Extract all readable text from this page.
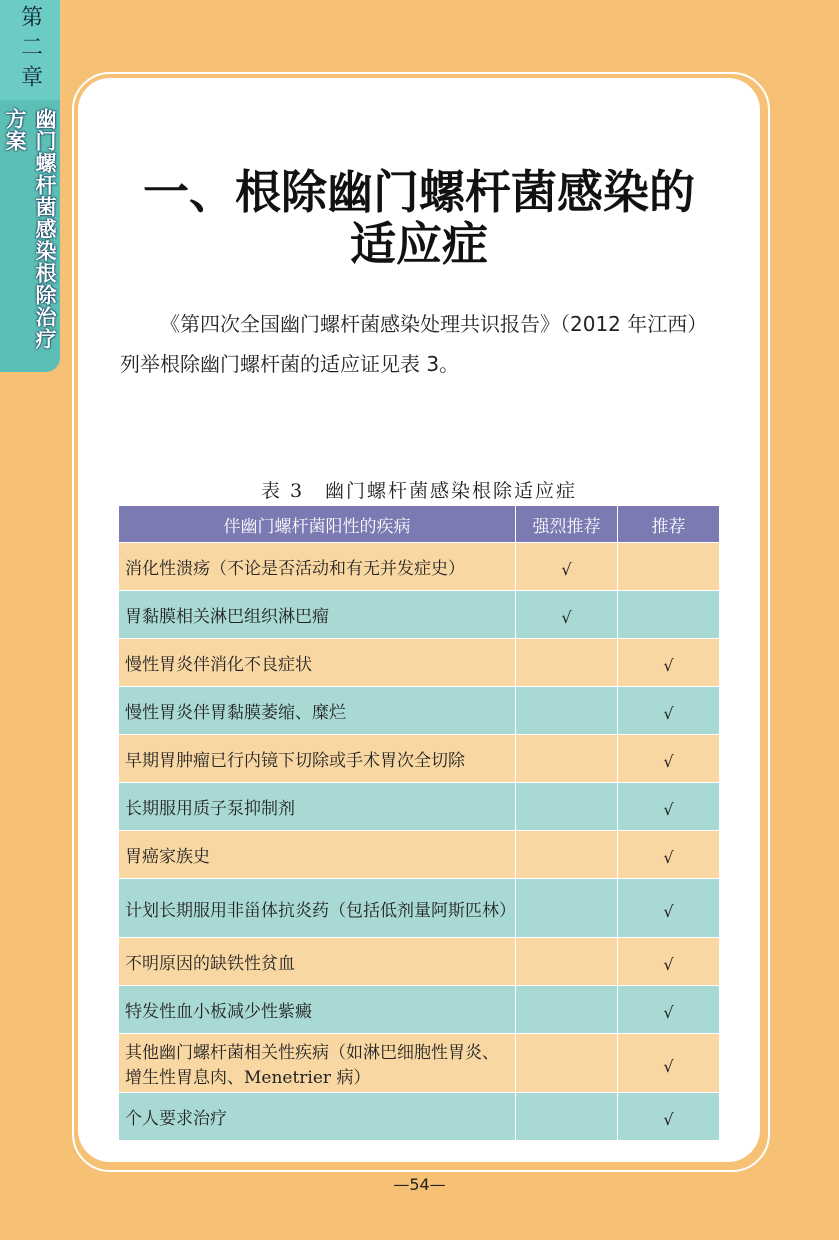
第二章
幽门螺杆菌感染根除治疗方案
一、根除幽门螺杆菌感染的
适应症
《第四次全国幽门螺杆菌感染处理共识报告》（2012 年江西）列举根除幽门螺杆菌的适应证见表 3。
表 3　幽门螺杆菌感染根除适应症
伴幽门螺杆菌阳性的疾病	强烈推荐	推荐
消化性溃疡（不论是否活动和有无并发症史）	√	
胃黏膜相关淋巴组织淋巴瘤	√	
慢性胃炎伴消化不良症状		√
慢性胃炎伴胃黏膜萎缩、糜烂		√
早期胃肿瘤已行内镜下切除或手术胃次全切除		√
长期服用质子泵抑制剂		√
胃癌家族史		√
计划长期服用非甾体抗炎药（包括低剂量阿斯匹林）		√
不明原因的缺铁性贫血		√
特发性血小板减少性紫癜		√
其他幽门螺杆菌相关性疾病（如淋巴细胞性胃炎、增生性胃息肉、Menetrier 病）		√
个人要求治疗		√
—54—
